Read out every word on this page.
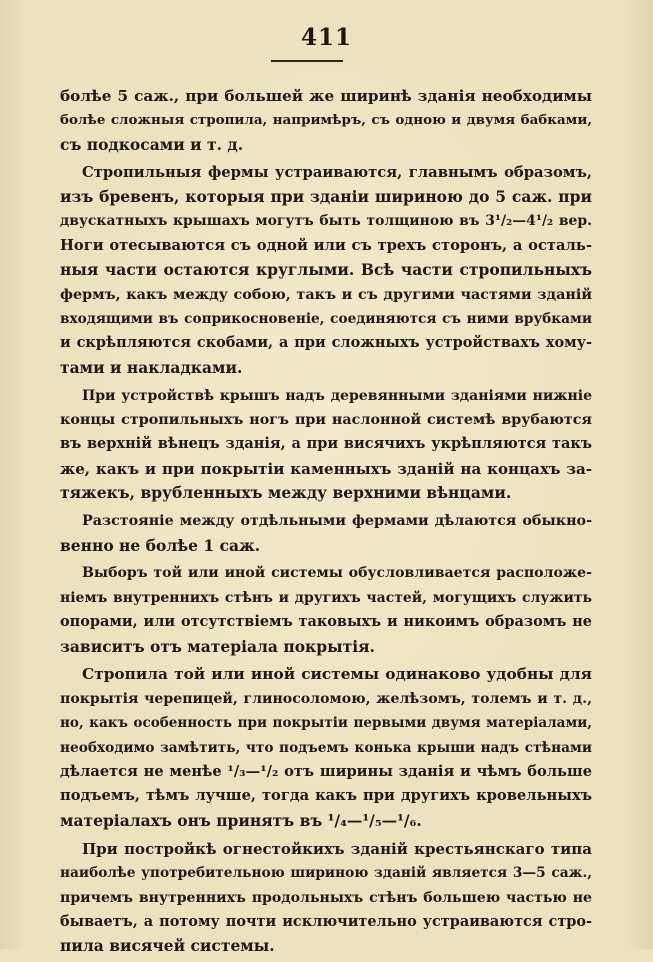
411
болѣе 5 саж., при большей же ширинѣ зданія необходимы
болѣе сложныя стропила, напримѣръ, съ одною и двумя бабками,
съ подкосами и т. д.
Стропильныя фермы устраиваются, главнымъ образомъ,
изъ бревенъ, которыя при зданіи шириною до 5 саж. при
двускатныхъ крышахъ могутъ быть толщиною въ 3¹/₂—4¹/₂ вер.
Ноги отесываются съ одной или съ трехъ сторонъ, а осталь-
ныя части остаются круглыми. Всѣ части стропильныхъ
фермъ, какъ между собою, такъ и съ другими частями зданій
входящими въ соприкосновеніе, соединяются съ ними врубками
и скрѣпляются скобами, а при сложныхъ устройствахъ хому-
тами и накладками.
При устройствѣ крышъ надъ деревянными зданіями нижніе
концы стропильныхъ ногъ при наслонной системѣ врубаются
въ верхній вѣнецъ зданія, а при висячихъ укрѣпляются такъ
же, какъ и при покрытіи каменныхъ зданій на концахъ за-
тяжекъ, врубленныхъ между верхними вѣнцами.
Разстояніе между отдѣльными фермами дѣлаются обыкно-
венно не болѣе 1 саж.
Выборъ той или иной системы обусловливается расположе-
ніемъ внутреннихъ стѣнъ и другихъ частей, могущихъ служить
опорами, или отсутствіемъ таковыхъ и никоимъ образомъ не
зависитъ отъ матеріала покрытія.
Стропила той или иной системы одинаково удобны для
покрытія черепицей, глиносоломою, желѣзомъ, толемъ и т. д.,
но, какъ особенность при покрытіи первыми двумя матеріалами,
необходимо замѣтить, что подъемъ конька крыши надъ стѣнами
дѣлается не менѣе ¹/₃—¹/₂ отъ ширины зданія и чѣмъ больше
подъемъ, тѣмъ лучше, тогда какъ при другихъ кровельныхъ
матеріалахъ онъ принятъ въ ¹/₄—¹/₅—¹/₆.
При постройкѣ огнестойкихъ зданій крестьянскаго типа
наиболѣе употребительною шириною зданій является 3—5 саж.,
причемъ внутреннихъ продольныхъ стѣнъ большею частью не
бываетъ, а потому почти исключительно устраиваются стро-
пила висячей системы.
